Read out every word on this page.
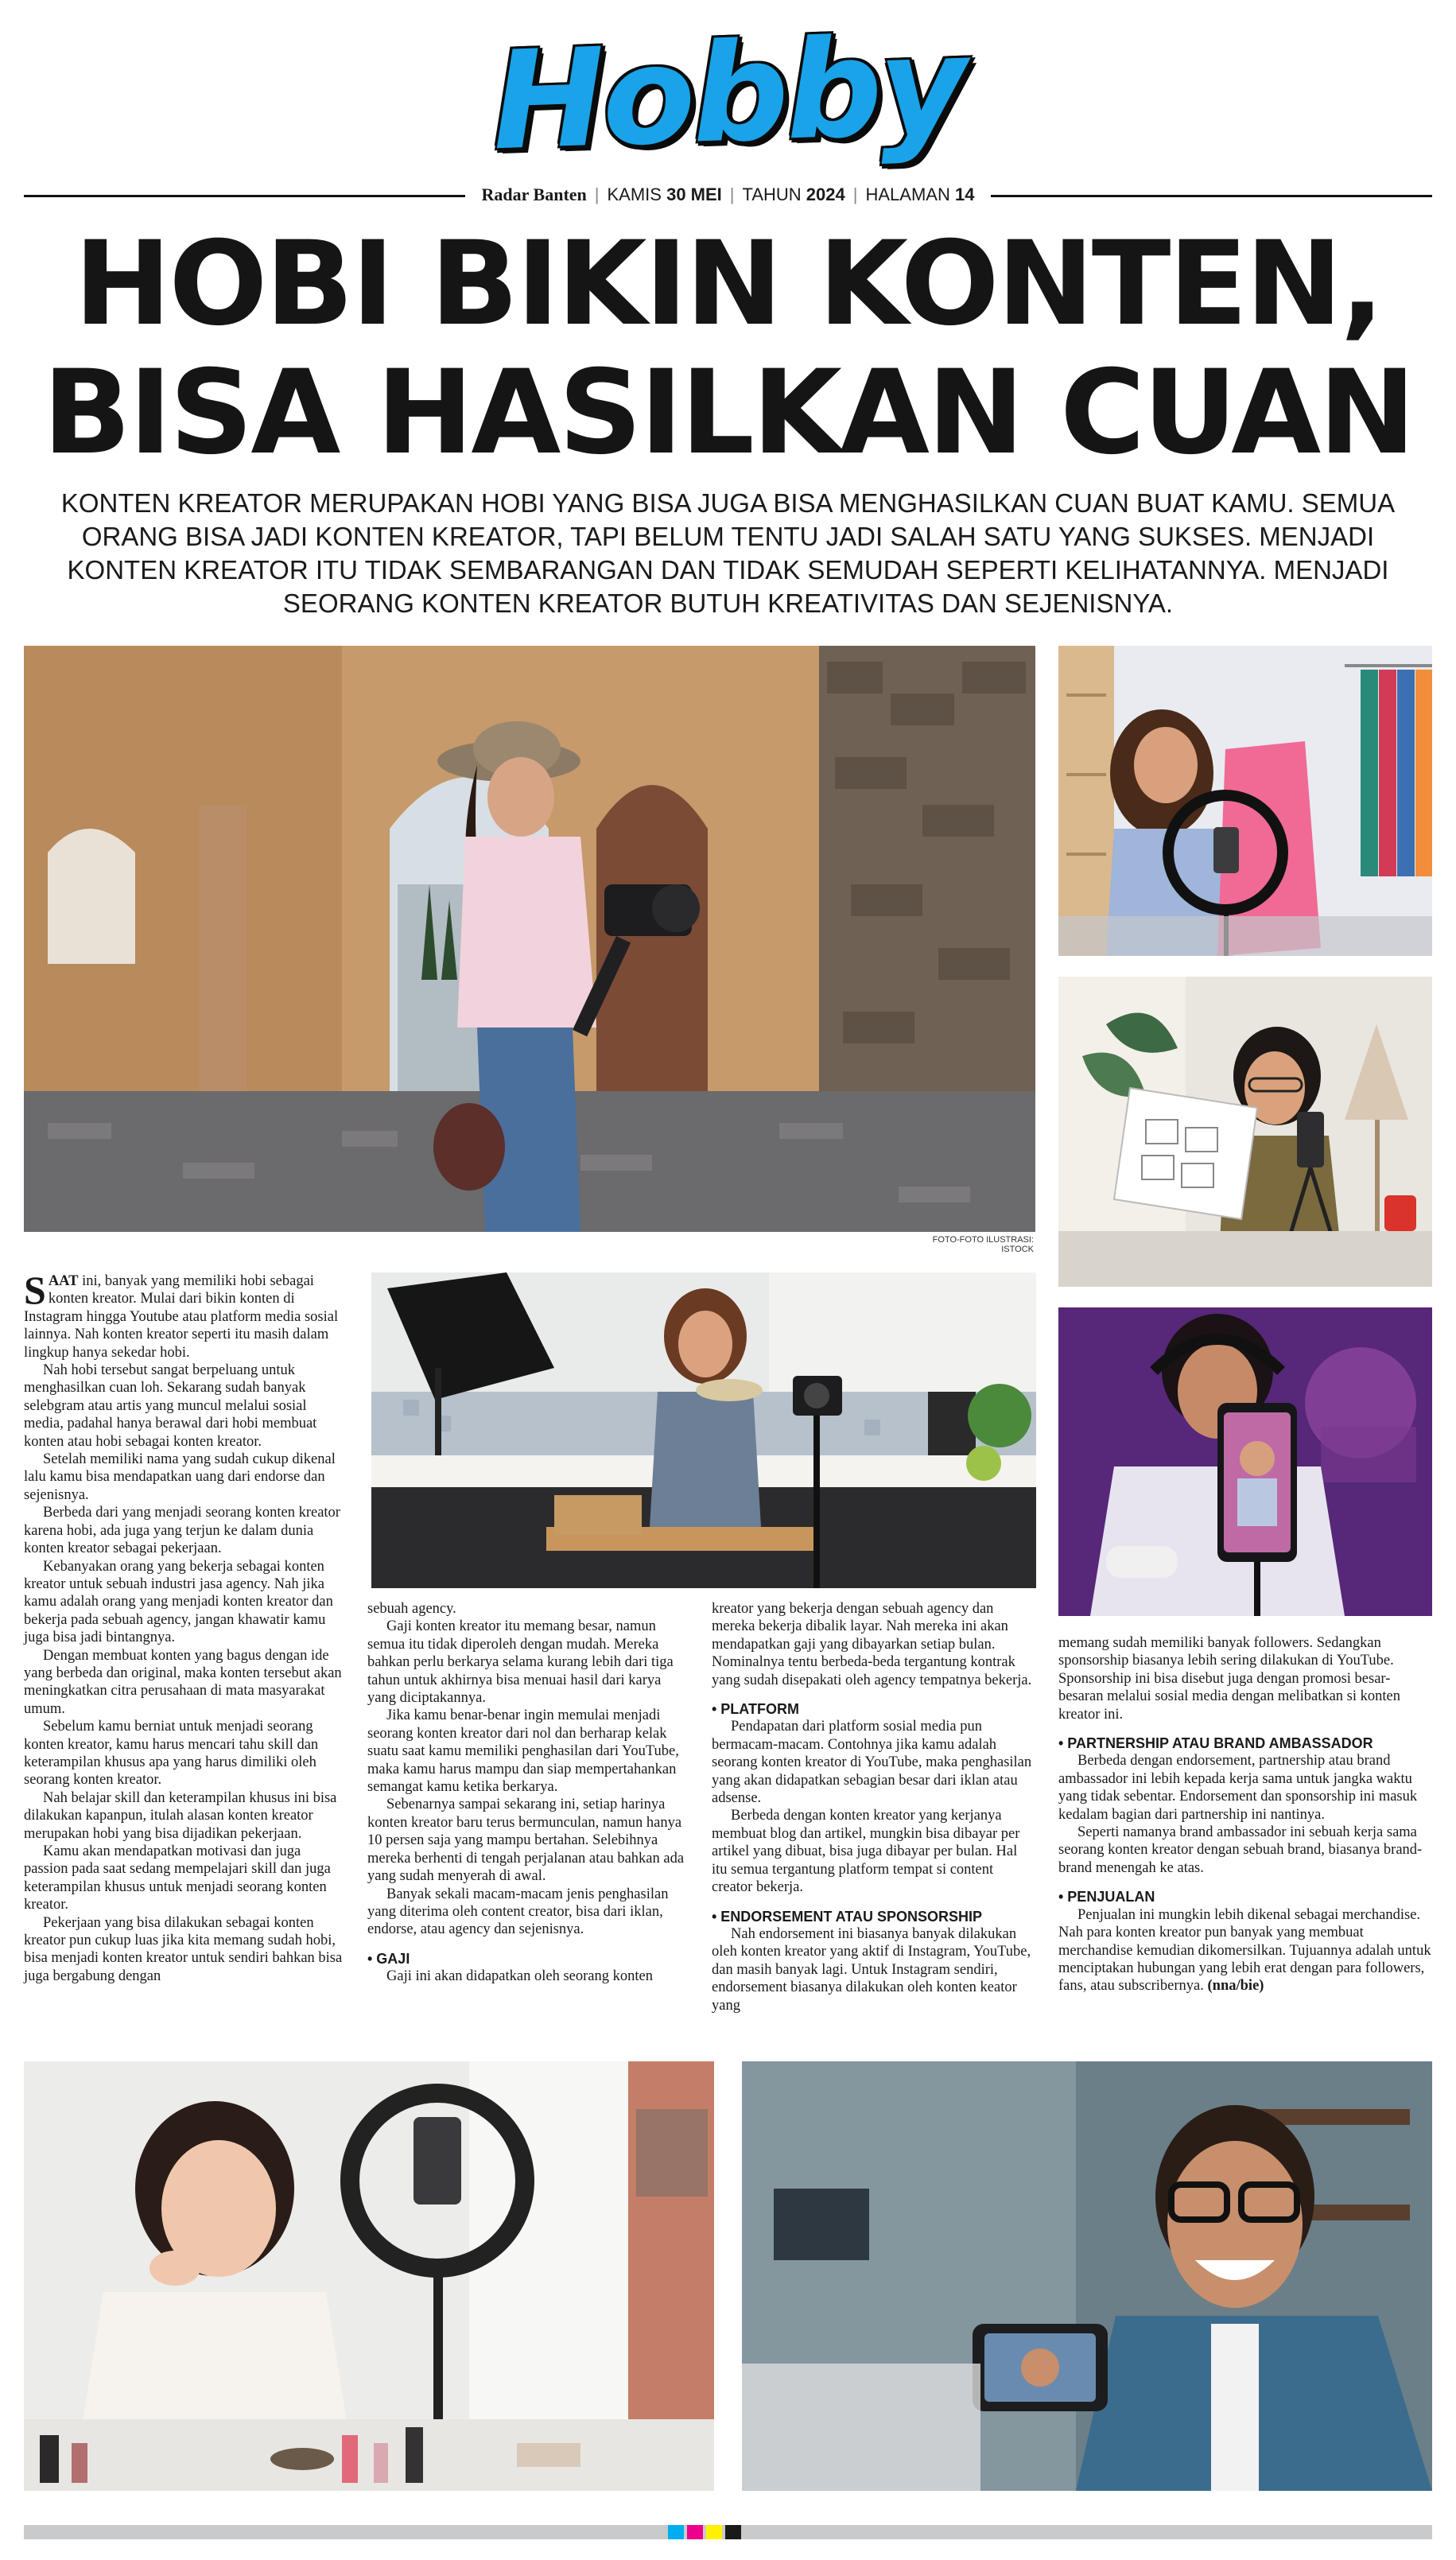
Hobby
Radar Banten | KAMIS 30 MEI | TAHUN 2024 | HALAMAN 14
HOBI BIKIN KONTEN,
BISA HASILKAN CUAN

KONTEN KREATOR MERUPAKAN HOBI YANG BISA JUGA BISA MENGHASILKAN CUAN BUAT KAMU. SEMUA ORANG BISA JADI KONTEN KREATOR, TAPI BELUM TENTU JADI SALAH SATU YANG SUKSES. MENJADI KONTEN KREATOR ITU TIDAK SEMBARANGAN DAN TIDAK SEMUDAH SEPERTI KELIHATANNYA. MENJADI SEORANG KONTEN KREATOR BUTUH KREATIVITAS DAN SEJENISNYA.

FOTO-FOTO ILUSTRASI: ISTOCK

SAAT ini, banyak yang memiliki hobi sebagai konten kreator. Mulai dari bikin konten di Instagram hingga Youtube atau platform media sosial lainnya. Nah konten kreator seperti itu masih dalam lingkup hanya sekedar hobi.

Nah hobi tersebut sangat berpeluang untuk menghasilkan cuan loh. Sekarang sudah banyak selebgram atau artis yang muncul melalui sosial media, padahal hanya berawal dari hobi membuat konten atau hobi sebagai konten kreator.

Setelah memiliki nama yang sudah cukup dikenal lalu kamu bisa mendapatkan uang dari endorse dan sejenisnya.

Berbeda dari yang menjadi seorang konten kreator karena hobi, ada juga yang terjun ke dalam dunia konten kreator sebagai pekerjaan.

Kebanyakan orang yang bekerja sebagai konten kreator untuk sebuah industri jasa agency. Nah jika kamu adalah orang yang menjadi konten kreator dan bekerja pada sebuah agency, jangan khawatir kamu juga bisa jadi bintangnya.

Dengan membuat konten yang bagus dengan ide yang berbeda dan original, maka konten tersebut akan meningkatkan citra perusahaan di mata masyarakat umum.

Sebelum kamu berniat untuk menjadi seorang konten kreator, kamu harus mencari tahu skill dan keterampilan khusus apa yang harus dimiliki oleh seorang konten kreator.

Nah belajar skill dan keterampilan khusus ini bisa dilakukan kapanpun, itulah alasan konten kreator merupakan hobi yang bisa dijadikan pekerjaan.

Kamu akan mendapatkan motivasi dan juga passion pada saat sedang mempelajari skill dan juga keterampilan khusus untuk menjadi seorang konten kreator.

Pekerjaan yang bisa dilakukan sebagai konten kreator pun cukup luas jika kita memang sudah hobi, bisa menjadi konten kreator untuk sendiri bahkan bisa juga bergabung dengan

sebuah agency.

Gaji konten kreator itu memang besar, namun semua itu tidak diperoleh dengan mudah. Mereka bahkan perlu berkarya selama kurang lebih dari tiga tahun untuk akhirnya bisa menuai hasil dari karya yang diciptakannya.

Jika kamu benar-benar ingin memulai menjadi seorang konten kreator dari nol dan berharap kelak suatu saat kamu memiliki penghasilan dari YouTube, maka kamu harus mampu dan siap mempertahankan semangat kamu ketika berkarya.

Sebenarnya sampai sekarang ini, setiap harinya konten kreator baru terus bermunculan, namun hanya 10 persen saja yang mampu bertahan. Selebihnya mereka berhenti di tengah perjalanan atau bahkan ada yang sudah menyerah di awal.

Banyak sekali macam-macam jenis penghasilan yang diterima oleh content creator, bisa dari iklan, endorse, atau agency dan sejenisnya.

• GAJI

Gaji ini akan didapatkan oleh seorang konten

kreator yang bekerja dengan sebuah agency dan mereka bekerja dibalik layar. Nah mereka ini akan mendapatkan gaji yang dibayarkan setiap bulan. Nominalnya tentu berbeda-beda tergantung kontrak yang sudah disepakati oleh agency tempatnya bekerja.

• PLATFORM

Pendapatan dari platform sosial media pun bermacam-macam. Contohnya jika kamu adalah seorang konten kreator di YouTube, maka penghasilan yang akan didapatkan sebagian besar dari iklan atau adsense.

Berbeda dengan konten kreator yang kerjanya membuat blog dan artikel, mungkin bisa dibayar per artikel yang dibuat, bisa juga dibayar per bulan. Hal itu semua tergantung platform tempat si content creator bekerja.

• ENDORSEMENT ATAU SPONSORSHIP

Nah endorsement ini biasanya banyak dilakukan oleh konten kreator yang aktif di Instagram, YouTube, dan masih banyak lagi. Untuk Instagram sendiri, endorsement biasanya dilakukan oleh konten keator yang

memang sudah memiliki banyak followers. Sedangkan sponsorship biasanya lebih sering dilakukan di YouTube. Sponsorship ini bisa disebut juga dengan promosi besar-besaran melalui sosial media dengan melibatkan si konten kreator ini.

• PARTNERSHIP ATAU BRAND AMBASSADOR

Berbeda dengan endorsement, partnership atau brand ambassador ini lebih kepada kerja sama untuk jangka waktu yang tidak sebentar. Endorsement dan sponsorship ini masuk kedalam bagian dari partnership ini nantinya.

Seperti namanya brand ambassador ini sebuah kerja sama seorang konten kreator dengan sebuah brand, biasanya brand-brand menengah ke atas.

• PENJUALAN

Penjualan ini mungkin lebih dikenal sebagai merchandise. Nah para konten kreator pun banyak yang membuat merchandise kemudian dikomersilkan. Tujuannya adalah untuk menciptakan hubungan yang lebih erat dengan para followers, fans, atau subscribernya. (nna/bie)
